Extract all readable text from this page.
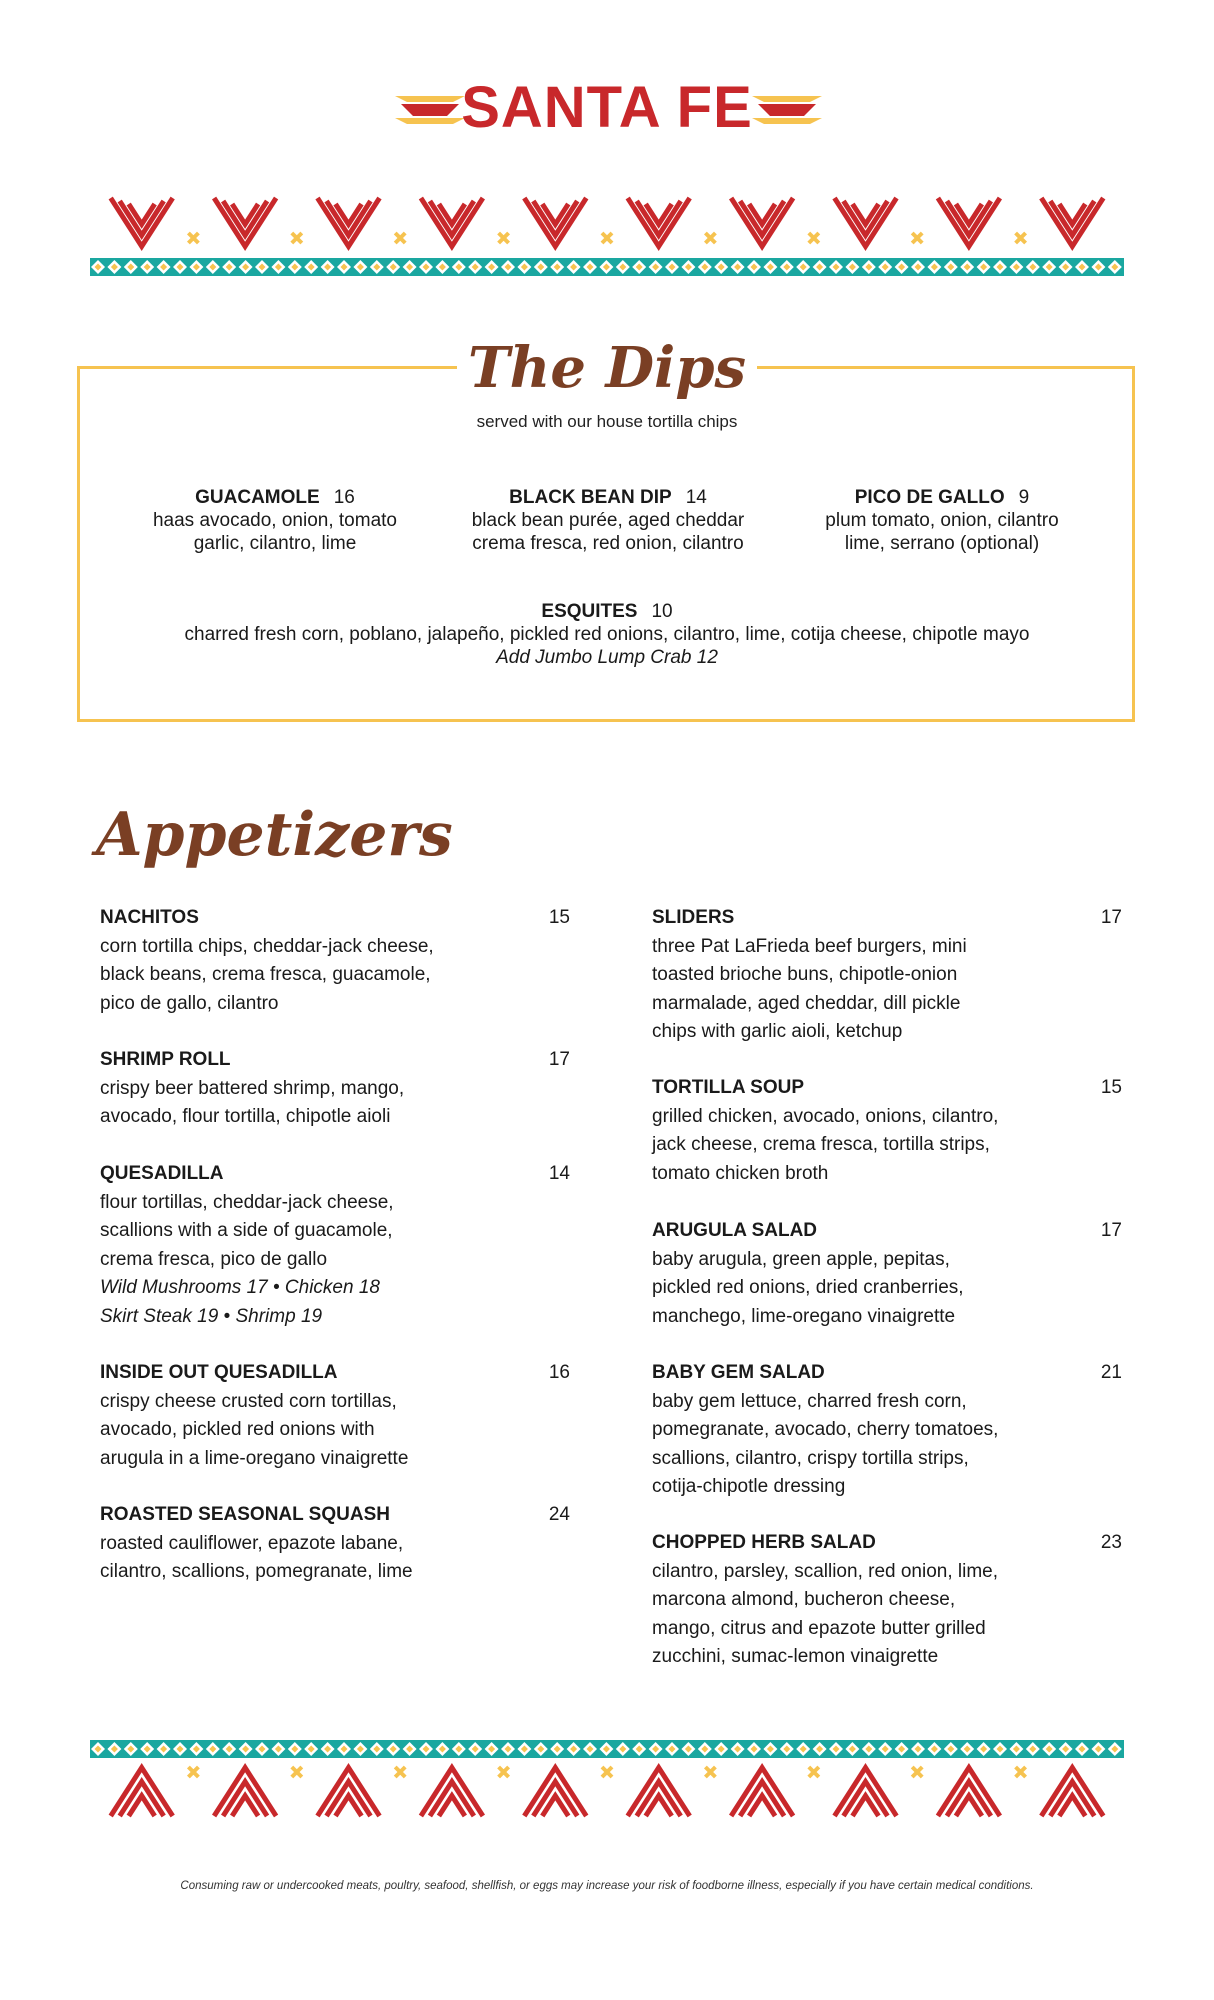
SANTA FE
The Dips
served with our house tortilla chips
GUACAMOLE 16
haas avocado, onion, tomato
garlic, cilantro, lime
BLACK BEAN DIP 14
black bean purée, aged cheddar
crema fresca, red onion, cilantro
PICO DE GALLO 9
plum tomato, onion, cilantro
lime, serrano (optional)
ESQUITES 10
charred fresh corn, poblano, jalapeño, pickled red onions, cilantro, lime, cotija cheese, chipotle mayo
Add Jumbo Lump Crab 12
Appetizers
NACHITOS	15
corn tortilla chips, cheddar-jack cheese,
black beans, crema fresca, guacamole,
pico de gallo, cilantro
SHRIMP ROLL	17
crispy beer battered shrimp, mango,
avocado, flour tortilla, chipotle aioli
QUESADILLA	14
flour tortillas, cheddar-jack cheese,
scallions with a side of guacamole,
crema fresca, pico de gallo
Wild Mushrooms 17 • Chicken 18
Skirt Steak 19 • Shrimp 19
INSIDE OUT QUESADILLA	16
crispy cheese crusted corn tortillas,
avocado, pickled red onions with
arugula in a lime-oregano vinaigrette
ROASTED SEASONAL SQUASH	24
roasted cauliflower, epazote labane,
cilantro, scallions, pomegranate, lime
SLIDERS	17
three Pat LaFrieda beef burgers, mini
toasted brioche buns, chipotle-onion
marmalade, aged cheddar, dill pickle
chips with garlic aioli, ketchup
TORTILLA SOUP	15
grilled chicken, avocado, onions, cilantro,
jack cheese, crema fresca, tortilla strips,
tomato chicken broth
ARUGULA SALAD	17
baby arugula, green apple, pepitas,
pickled red onions, dried cranberries,
manchego, lime-oregano vinaigrette
BABY GEM SALAD	21
baby gem lettuce, charred fresh corn,
pomegranate, avocado, cherry tomatoes,
scallions, cilantro, crispy tortilla strips,
cotija-chipotle dressing
CHOPPED HERB SALAD	23
cilantro, parsley, scallion, red onion, lime,
marcona almond, bucheron cheese,
mango, citrus and epazote butter grilled
zucchini, sumac-lemon vinaigrette
Consuming raw or undercooked meats, poultry, seafood, shellfish, or eggs may increase your risk of foodborne illness, especially if you have certain medical conditions.
